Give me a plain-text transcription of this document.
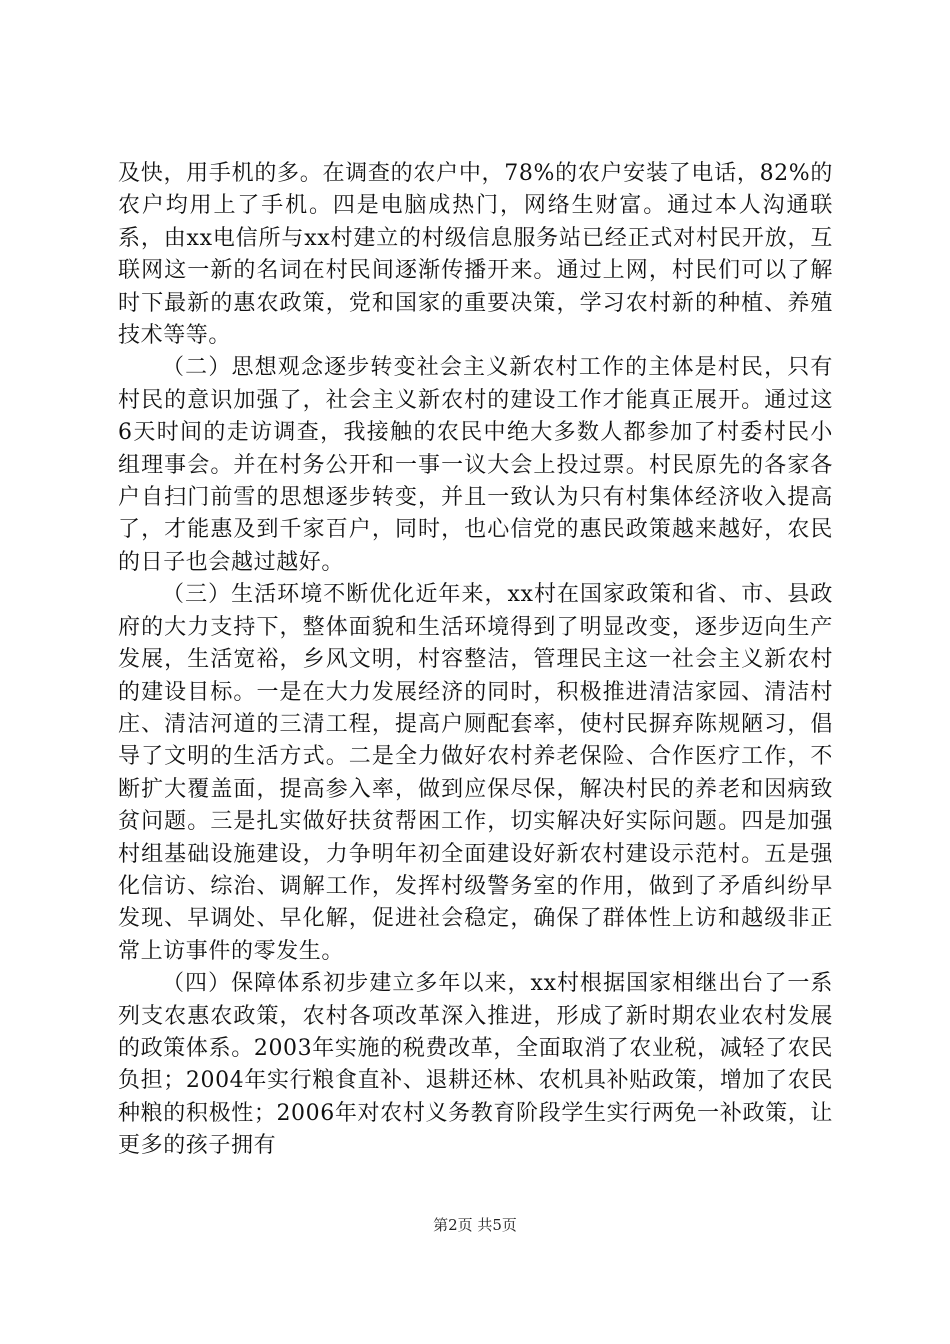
及快，用手机的多。在调查的农户中，78%的农户安装了电话，82%的农户均用上了手机。四是电脑成热门，网络生财富。通过本人沟通联系，由xx电信所与xx村建立的村级信息服务站已经正式对村民开放，互联网这一新的名词在村民间逐渐传播开来。通过上网，村民们可以了解时下最新的惠农政策，党和国家的重要决策，学习农村新的种植、养殖技术等等。

（二）思想观念逐步转变社会主义新农村工作的主体是村民，只有村民的意识加强了，社会主义新农村的建设工作才能真正展开。通过这6天时间的走访调查，我接触的农民中绝大多数人都参加了村委村民小组理事会。并在村务公开和一事一议大会上投过票。村民原先的各家各户自扫门前雪的思想逐步转变，并且一致认为只有村集体经济收入提高了，才能惠及到千家百户，同时，也心信党的惠民政策越来越好，农民的日子也会越过越好。

（三）生活环境不断优化近年来，xx村在国家政策和省、市、县政府的大力支持下，整体面貌和生活环境得到了明显改变，逐步迈向生产发展，生活宽裕，乡风文明，村容整洁，管理民主这一社会主义新农村的建设目标。一是在大力发展经济的同时，积极推进清洁家园、清洁村庄、清洁河道的三清工程，提高户厕配套率，使村民摒弃陈规陋习，倡导了文明的生活方式。二是全力做好农村养老保险、合作医疗工作，不断扩大覆盖面，提高参入率，做到应保尽保，解决村民的养老和因病致贫问题。三是扎实做好扶贫帮困工作，切实解决好实际问题。四是加强村组基础设施建设，力争明年初全面建设好新农村建设示范村。五是强化信访、综治、调解工作，发挥村级警务室的作用，做到了矛盾纠纷早发现、早调处、早化解，促进社会稳定，确保了群体性上访和越级非正常上访事件的零发生。

（四）保障体系初步建立多年以来，xx村根据国家相继出台了一系列支农惠农政策，农村各项改革深入推进，形成了新时期农业农村发展的政策体系。2003年实施的税费改革，全面取消了农业税，减轻了农民负担；2004年实行粮食直补、退耕还林、农机具补贴政策，增加了农民种粮的积极性；2006年对农村义务教育阶段学生实行两免一补政策，让更多的孩子拥有

第2页 共5页
